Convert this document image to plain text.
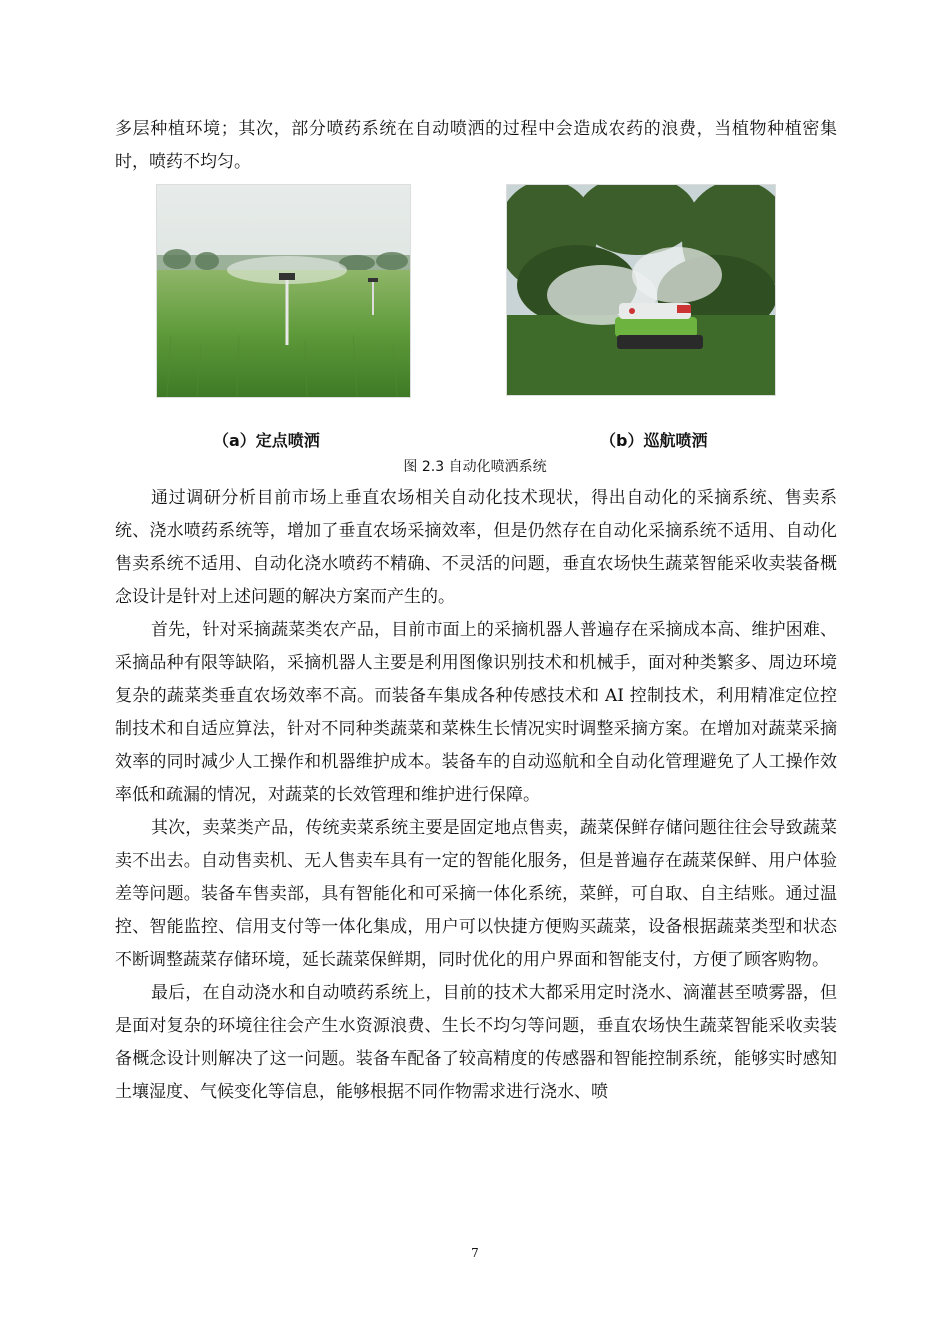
多层种植环境；其次，部分喷药系统在自动喷洒的过程中会造成农药的浪费，当植物种植密集时，喷药不均匀。

（a）定点喷洒	（b）巡航喷洒
图 2.3 自动化喷洒系统

通过调研分析目前市场上垂直农场相关自动化技术现状，得出自动化的采摘系统、售卖系统、浇水喷药系统等，增加了垂直农场采摘效率，但是仍然存在自动化采摘系统不适用、自动化售卖系统不适用、自动化浇水喷药不精确、不灵活的问题，垂直农场快生蔬菜智能采收卖装备概念设计是针对上述问题的解决方案而产生的。

首先，针对采摘蔬菜类农产品，目前市面上的采摘机器人普遍存在采摘成本高、维护困难、采摘品种有限等缺陷，采摘机器人主要是利用图像识别技术和机械手，面对种类繁多、周边环境复杂的蔬菜类垂直农场效率不高。而装备车集成各种传感技术和 AI 控制技术，利用精准定位控制技术和自适应算法，针对不同种类蔬菜和菜株生长情况实时调整采摘方案。在增加对蔬菜采摘效率的同时减少人工操作和机器维护成本。装备车的自动巡航和全自动化管理避免了人工操作效率低和疏漏的情况，对蔬菜的长效管理和维护进行保障。

其次，卖菜类产品，传统卖菜系统主要是固定地点售卖，蔬菜保鲜存储问题往往会导致蔬菜卖不出去。自动售卖机、无人售卖车具有一定的智能化服务，但是普遍存在蔬菜保鲜、用户体验差等问题。装备车售卖部，具有智能化和可采摘一体化系统，菜鲜，可自取、自主结账。通过温控、智能监控、信用支付等一体化集成，用户可以快捷方便购买蔬菜，设备根据蔬菜类型和状态不断调整蔬菜存储环境，延长蔬菜保鲜期，同时优化的用户界面和智能支付，方便了顾客购物。

最后，在自动浇水和自动喷药系统上，目前的技术大都采用定时浇水、滴灌甚至喷雾器，但是面对复杂的环境往往会产生水资源浪费、生长不均匀等问题，垂直农场快生蔬菜智能采收卖装备概念设计则解决了这一问题。装备车配备了较高精度的传感器和智能控制系统，能够实时感知土壤湿度、气候变化等信息，能够根据不同作物需求进行浇水、喷

7
